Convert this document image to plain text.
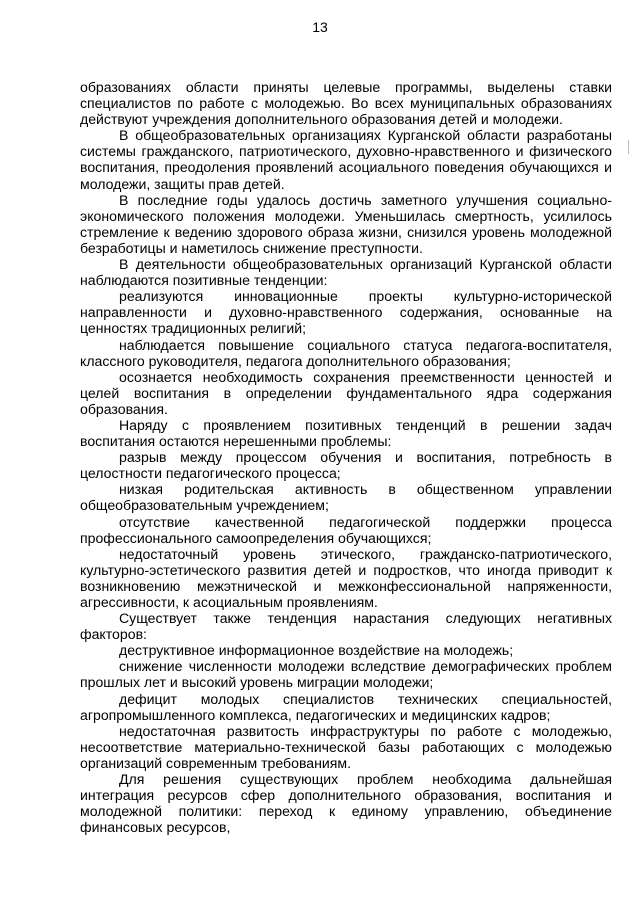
13

образованиях области приняты целевые программы, выделены ставки специалистов по работе с молодежью. Во всех муниципальных образованиях действуют учреждения дополнительного образования детей и молодежи.

В общеобразовательных организациях Курганской области разработаны системы гражданского, патриотического, духовно-нравственного и физического воспитания, преодоления проявлений асоциального поведения обучающихся и молодежи, защиты прав детей.

В последние годы удалось достичь заметного улучшения социально-экономического положения молодежи. Уменьшилась смертность, усилилось стремление к ведению здорового образа жизни, снизился уровень молодежной безработицы и наметилось снижение преступности.

В деятельности общеобразовательных организаций Курганской области наблюдаются позитивные тенденции:

реализуются инновационные проекты культурно-исторической направленности и духовно-нравственного содержания, основанные на ценностях традиционных религий;

наблюдается повышение социального статуса педагога-воспитателя, классного руководителя, педагога дополнительного образования;

осознается необходимость сохранения преемственности ценностей и целей воспитания в определении фундаментального ядра содержания образования.

Наряду с проявлением позитивных тенденций в решении задач воспитания остаются нерешенными проблемы:

разрыв между процессом обучения и воспитания, потребность в целостности педагогического процесса;

низкая родительская активность в общественном управлении общеобразовательным учреждением;

отсутствие качественной педагогической поддержки процесса профессионального самоопределения обучающихся;

недостаточный уровень этического, гражданско-патриотического, культурно-эстетического развития детей и подростков, что иногда приводит к возникновению межэтнической и межконфессиональной напряженности, агрессивности, к асоциальным проявлениям.

Существует также тенденция нарастания следующих негативных факторов:

деструктивное информационное воздействие на молодежь;

снижение численности молодежи вследствие демографических проблем прошлых лет и высокий уровень миграции молодежи;

дефицит молодых специалистов технических специальностей, агропромышленного комплекса, педагогических и медицинских кадров;

недостаточная развитость инфраструктуры по работе с молодежью, несоответствие материально-технической базы работающих с молодежью организаций современным требованиям.

Для решения существующих проблем необходима дальнейшая интеграция ресурсов сфер дополнительного образования, воспитания и молодежной политики: переход к единому управлению, объединение финансовых ресурсов,
